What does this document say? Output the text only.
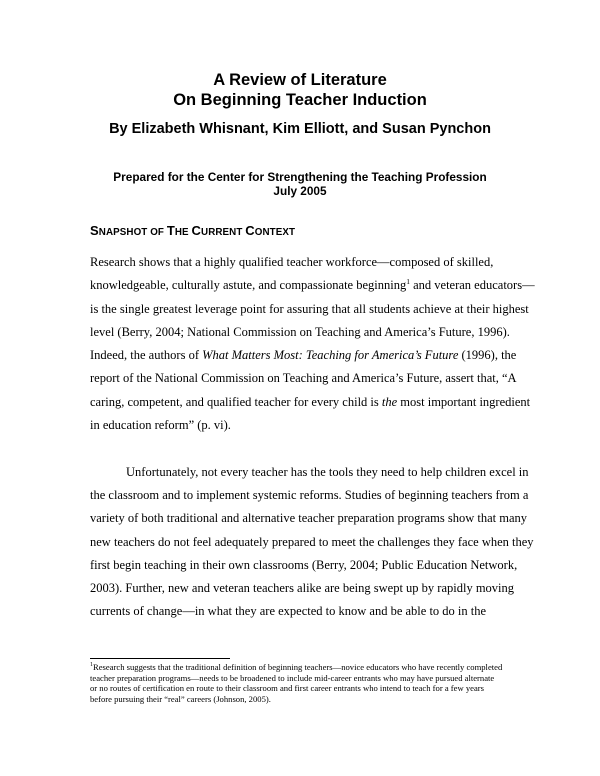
A Review of Literature
On Beginning Teacher Induction
By Elizabeth Whisnant, Kim Elliott, and Susan Pynchon
Prepared for the Center for Strengthening the Teaching Profession
July 2005
SNAPSHOT OF THE CURRENT CONTEXT
Research shows that a highly qualified teacher workforce—composed of skilled,
knowledgeable, culturally astute, and compassionate beginning$^1$ and veteran educators—
is the single greatest leverage point for assuring that all students achieve at their highest
level (Berry, 2004; National Commission on Teaching and America’s Future, 1996).
Indeed, the authors of What Matters Most: Teaching for America’s Future (1996), the
report of the National Commission on Teaching and America’s Future, assert that, “A
caring, competent, and qualified teacher for every child is the most important ingredient
in education reform” (p. vi).
Unfortunately, not every teacher has the tools they need to help children excel in
the classroom and to implement systemic reforms. Studies of beginning teachers from a
variety of both traditional and alternative teacher preparation programs show that many
new teachers do not feel adequately prepared to meet the challenges they face when they
first begin teaching in their own classrooms (Berry, 2004; Public Education Network,
2003). Further, new and veteran teachers alike are being swept up by rapidly moving
currents of change—in what they are expected to know and be able to do in the
$^1$Research suggests that the traditional definition of beginning teachers—novice educators who have recently completed
teacher preparation programs—needs to be broadened to include mid-career entrants who may have pursued alternate
or no routes of certification en route to their classroom and first career entrants who intend to teach for a few years
before pursuing their “real” careers (Johnson, 2005).
